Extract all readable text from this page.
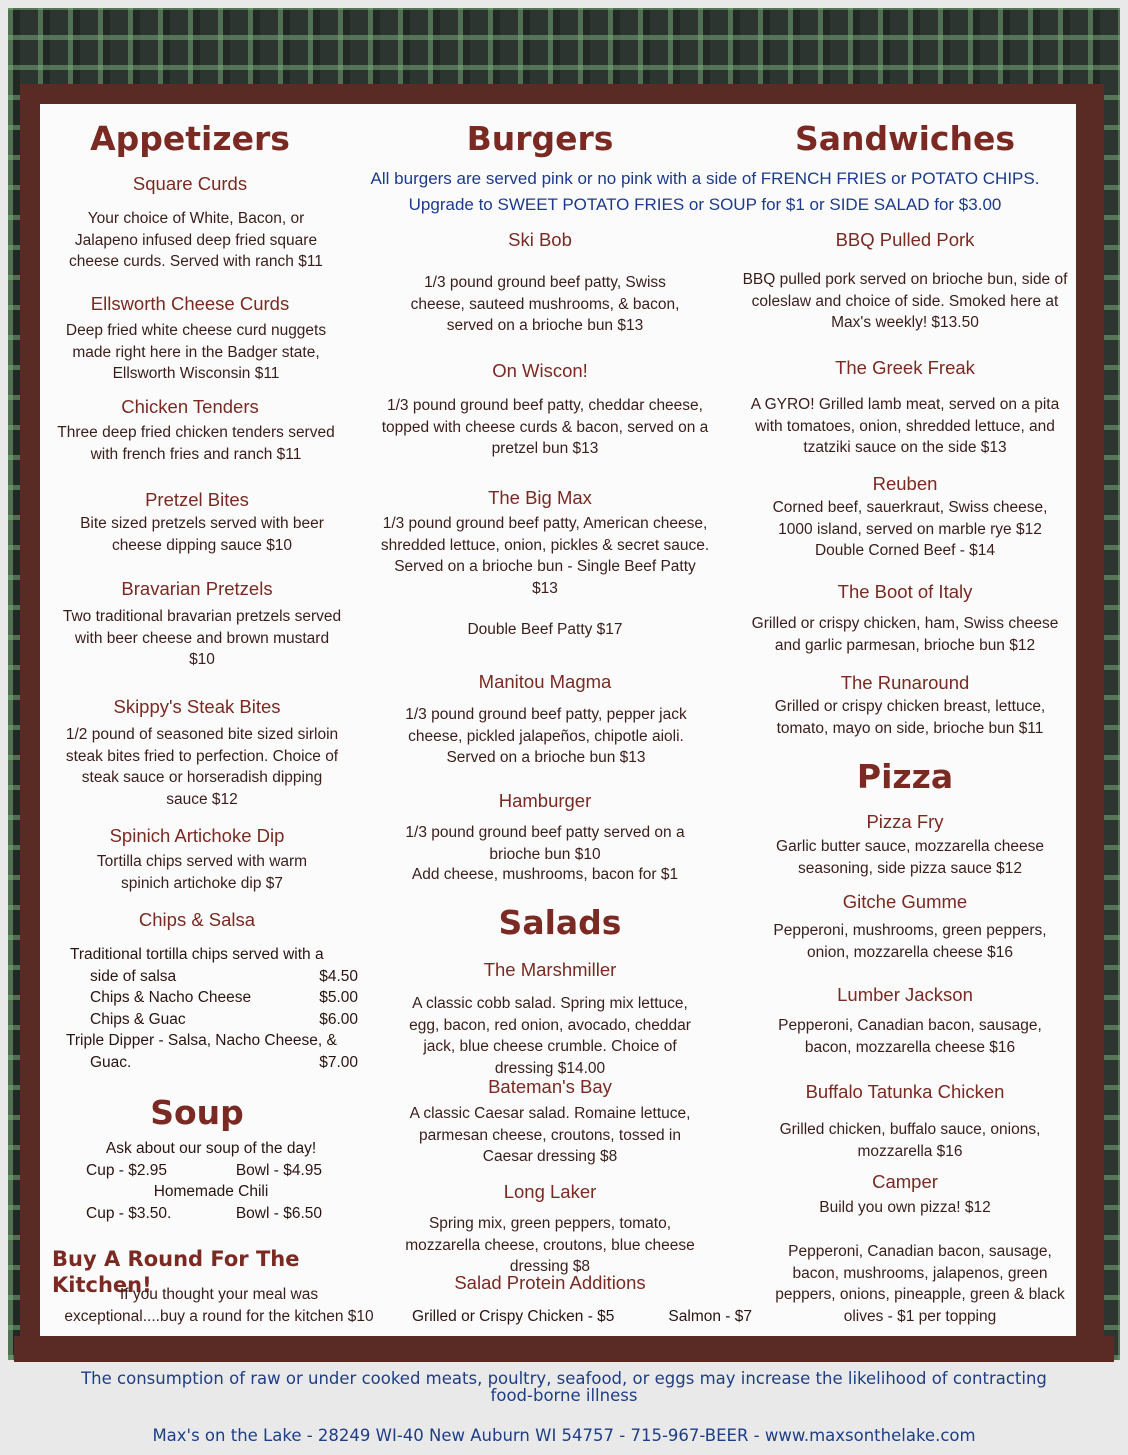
Appetizers
Square Curds
Your choice of White, Bacon, or Jalapeno infused deep fried square cheese curds. Served with ranch $11
Ellsworth Cheese Curds
Deep fried white cheese curd nuggets made right here in the Badger state, Ellsworth Wisconsin $11
Chicken Tenders
Three deep fried chicken tenders served with french fries and ranch $11
Pretzel Bites
Bite sized pretzels served with beer cheese dipping sauce $10
Bravarian Pretzels
Two traditional bravarian pretzels served with beer cheese and brown mustard $10
Skippy's Steak Bites
1/2 pound of seasoned bite sized sirloin steak bites fried to perfection. Choice of steak sauce or horseradish dipping sauce $12
Spinich Artichoke Dip
Tortilla chips served with warm spinich artichoke dip $7
Chips & Salsa
Traditional tortilla chips served with a
side of salsa	$4.50
Chips & Nacho Cheese	$5.00
Chips & Guac	$6.00
Triple Dipper - Salsa, Nacho Cheese, &
Guac.	$7.00
Soup
Ask about our soup of the day!
Cup - $2.95	Bowl - $4.95
Homemade Chili
Cup - $3.50.	Bowl - $6.50
Buy A Round For The Kitchen!
If you thought your meal was
exceptional....buy a round for the kitchen $10
Burgers
Ski Bob
1/3 pound ground beef patty, Swiss cheese, sauteed mushrooms, & bacon, served on a brioche bun $13
On Wiscon!
1/3 pound ground beef patty, cheddar cheese, topped with cheese curds & bacon, served on a pretzel bun $13
The Big Max
1/3 pound ground beef patty, American cheese, shredded lettuce, onion, pickles & secret sauce. Served on a brioche bun - Single Beef Patty $13
Double Beef Patty $17
Manitou Magma
1/3 pound ground beef patty, pepper jack cheese, pickled jalapeños, chipotle aioli. Served on a brioche bun $13
Hamburger
1/3 pound ground beef patty served on a brioche bun $10
Add cheese, mushrooms, bacon for $1
Salads
The Marshmiller
A classic cobb salad. Spring mix lettuce, egg, bacon, red onion, avocado, cheddar jack, blue cheese crumble. Choice of dressing $14.00
Bateman's Bay
A classic Caesar salad. Romaine lettuce, parmesan cheese, croutons, tossed in Caesar dressing $8
Long Laker
Spring mix, green peppers, tomato, mozzarella cheese, croutons, blue cheese dressing $8
Salad Protein Additions
Grilled or Crispy Chicken - $5	Salmon - $7
All burgers are served pink or no pink with a side of FRENCH FRIES or POTATO CHIPS.
Upgrade to SWEET POTATO FRIES or SOUP for $1 or SIDE SALAD for $3.00
Sandwiches
BBQ Pulled Pork
BBQ pulled pork served on brioche bun, side of coleslaw and choice of side. Smoked here at Max's weekly! $13.50
The Greek Freak
A GYRO! Grilled lamb meat, served on a pita with tomatoes, onion, shredded lettuce, and tzatziki sauce on the side $13
Reuben
Corned beef, sauerkraut, Swiss cheese, 1000 island, served on marble rye $12
Double Corned Beef - $14
The Boot of Italy
Grilled or crispy chicken, ham, Swiss cheese and garlic parmesan, brioche bun $12
The Runaround
Grilled or crispy chicken breast, lettuce, tomato, mayo on side, brioche bun $11
Pizza
Pizza Fry
Garlic butter sauce, mozzarella cheese seasoning, side pizza sauce $12
Gitche Gumme
Pepperoni, mushrooms, green peppers, onion, mozzarella cheese $16
Lumber Jackson
Pepperoni, Canadian bacon, sausage, bacon, mozzarella cheese $16
Buffalo Tatunka Chicken
Grilled chicken, buffalo sauce, onions, mozzarella $16
Camper
Build you own pizza! $12
Pepperoni, Canadian bacon, sausage, bacon, mushrooms, jalapenos, green peppers, onions, pineapple, green & black olives - $1 per topping
The consumption of raw or under cooked meats, poultry, seafood, or eggs may increase the likelihood of contracting
food-borne illness
Max's on the Lake - 28249 WI-40 New Auburn WI 54757 - 715-967-BEER - www.maxsonthelake.com
